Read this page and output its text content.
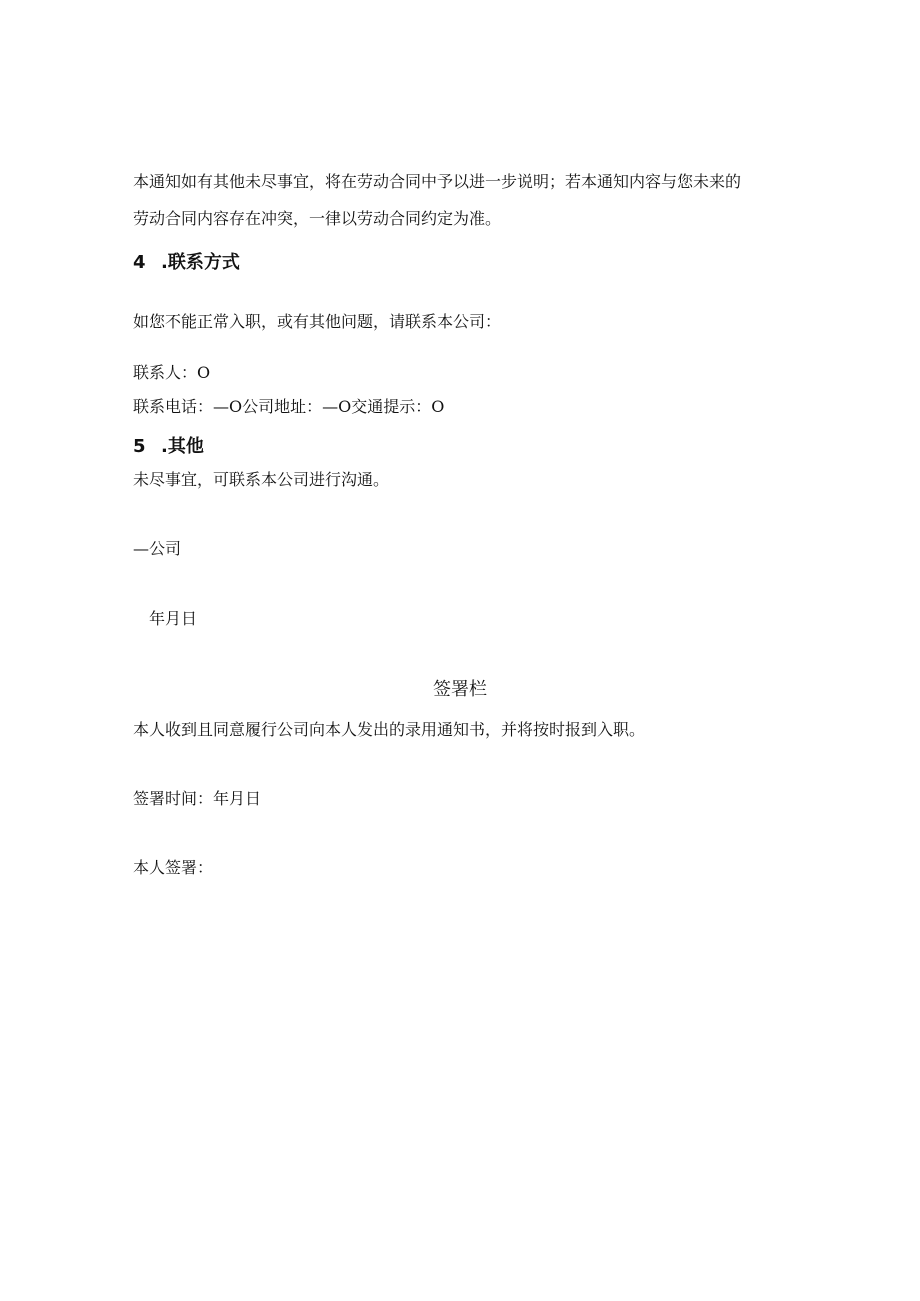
本通知如有其他未尽事宜，将在劳动合同中予以进一步说明；若本通知内容与您未来的
劳动合同内容存在冲突，一律以劳动合同约定为准。
4 .联系方式
如您不能正常入职，或有其他问题，请联系本公司：
联系人：O
联系电话：—O公司地址：—O交通提示：O
5 .其他
未尽事宜，可联系本公司进行沟通。
—公司
年月日
签署栏
本人收到且同意履行公司向本人发出的录用通知书，并将按时报到入职。
签署时间：年月日
本人签署：
